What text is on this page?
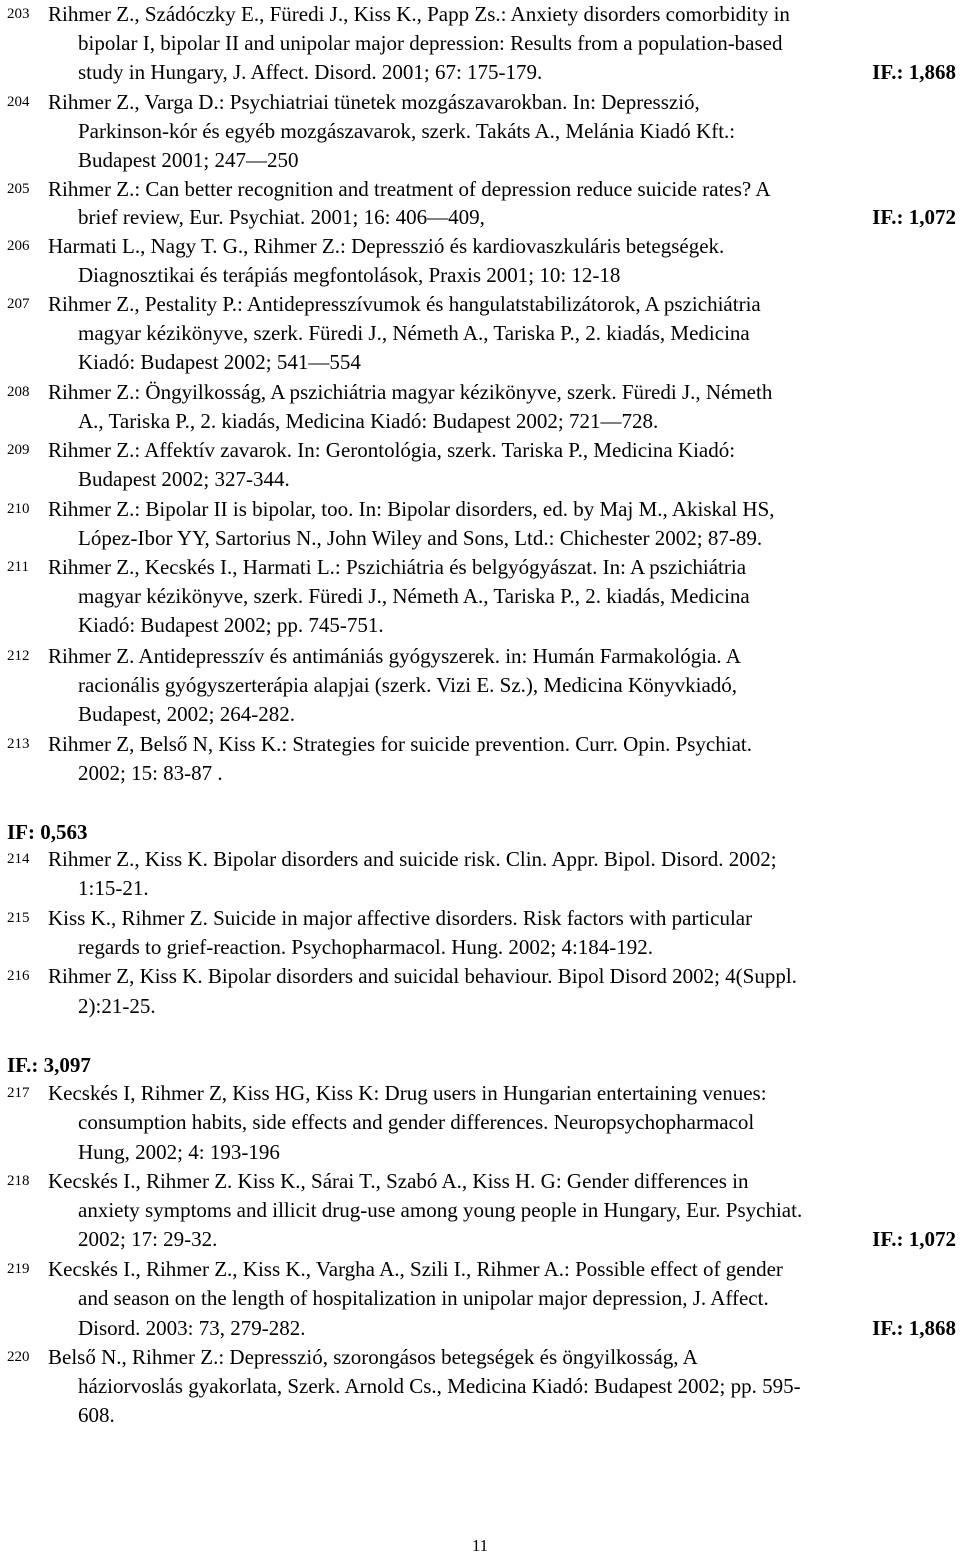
203 Rihmer Z., Szádóczky E., Füredi J., Kiss K., Papp Zs.: Anxiety disorders comorbidity in
bipolar I, bipolar II and unipolar major depression: Results from a population-based
study in Hungary, J. Affect. Disord. 2001; 67: 175-179.	IF.: 1,868
204 Rihmer Z., Varga D.: Psychiatriai tünetek mozgászavarokban. In: Depresszió,
Parkinson-kór és egyéb mozgászavarok, szerk. Takáts A., Melánia Kiadó Kft.:
Budapest 2001; 247—250
205 Rihmer Z.: Can better recognition and treatment of depression reduce suicide rates? A
brief review, Eur. Psychiat. 2001; 16: 406—409,	IF.: 1,072
206 Harmati L., Nagy T. G., Rihmer Z.: Depresszió és kardiovaszkuláris betegségek.
Diagnosztikai és terápiás megfontolások, Praxis 2001; 10: 12-18
207 Rihmer Z., Pestality P.: Antidepresszívumok és hangulatstabilizátorok, A pszichiátria
magyar kézikönyve, szerk. Füredi J., Németh A., Tariska P., 2. kiadás, Medicina
Kiadó: Budapest 2002; 541—554
208 Rihmer Z.: Öngyilkosság, A pszichiátria magyar kézikönyve, szerk. Füredi J., Németh
A., Tariska P., 2. kiadás, Medicina Kiadó: Budapest 2002; 721—728.
209 Rihmer Z.: Affektív zavarok. In: Gerontológia, szerk. Tariska P., Medicina Kiadó:
Budapest 2002; 327-344.
210 Rihmer Z.: Bipolar II is bipolar, too. In: Bipolar disorders, ed. by Maj M., Akiskal HS,
López-Ibor YY, Sartorius N., John Wiley and Sons, Ltd.: Chichester 2002; 87-89.
211 Rihmer Z., Kecskés I., Harmati L.: Pszichiátria és belgyógyászat. In: A pszichiátria
magyar kézikönyve, szerk. Füredi J., Németh A., Tariska P., 2. kiadás, Medicina
Kiadó: Budapest 2002; pp. 745-751.
212 Rihmer Z. Antidepresszív és antimániás gyógyszerek. in: Humán Farmakológia. A
racionális gyógyszerterápia alapjai (szerk. Vizi E. Sz.), Medicina Könyvkiadó,
Budapest, 2002; 264-282.
213 Rihmer Z, Belső N, Kiss K.: Strategies for suicide prevention. Curr. Opin. Psychiat.
2002; 15: 83-87 .
IF: 0,563
214 Rihmer Z., Kiss K. Bipolar disorders and suicide risk. Clin. Appr. Bipol. Disord. 2002;
1:15-21.
215 Kiss K., Rihmer Z. Suicide in major affective disorders. Risk factors with particular
regards to grief-reaction. Psychopharmacol. Hung. 2002; 4:184-192.
216 Rihmer Z, Kiss K. Bipolar disorders and suicidal behaviour. Bipol Disord 2002; 4(Suppl.
2):21-25.
IF.: 3,097
217 Kecskés I, Rihmer Z, Kiss HG, Kiss K: Drug users in Hungarian entertaining venues:
consumption habits, side effects and gender differences. Neuropsychopharmacol
Hung, 2002; 4: 193-196
218 Kecskés I., Rihmer Z. Kiss K., Sárai T., Szabó A., Kiss H. G: Gender differences in
anxiety symptoms and illicit drug-use among young people in Hungary, Eur. Psychiat.
2002; 17: 29-32.	IF.: 1,072
219 Kecskés I., Rihmer Z., Kiss K., Vargha A., Szili I., Rihmer A.: Possible effect of gender
and season on the length of hospitalization in unipolar major depression, J. Affect.
Disord. 2003: 73, 279-282.	IF.: 1,868
220 Belső N., Rihmer Z.: Depresszió, szorongásos betegségek és öngyilkosság, A
háziorvoslás gyakorlata, Szerk. Arnold Cs., Medicina Kiadó: Budapest 2002; pp. 595-
608.
11
